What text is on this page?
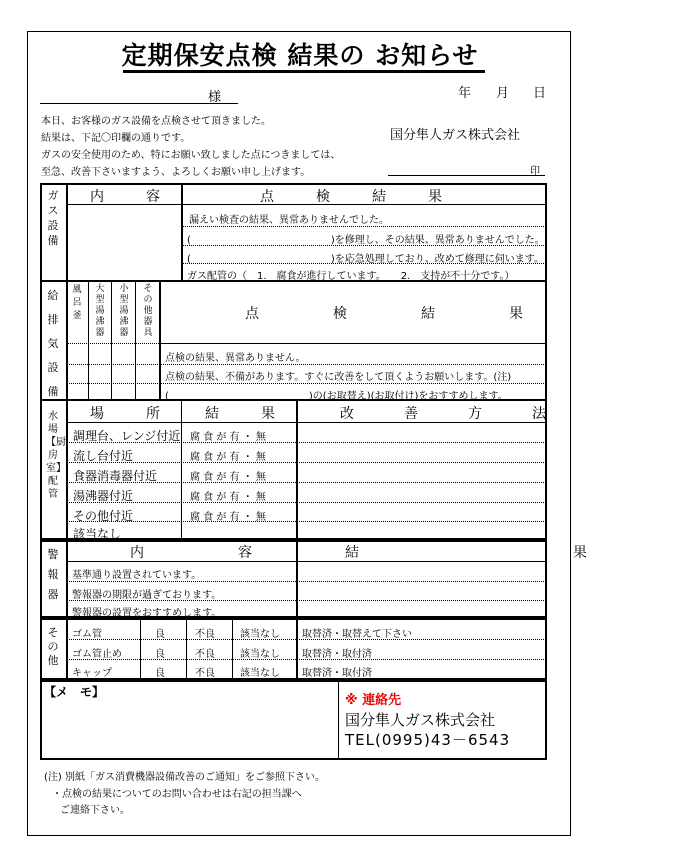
定期保安点検 結果の お知らせ
様	年 月 日
本日、お客様のガス設備を点検させて頂きました。
結果は、下記〇印欄の通りです。
ガスの安全使用のため、特にお願い致しました点につきましては、
至急、改善下さいますよう、よろしくお願い申し上げます。
国分隼人ガス株式会社
印
ガス設備
内　容	点　検　結　果
漏えい検査の結果、異常ありませんでした。
(　　　　　　　　　　　　　　)を修理し、その結果、異常ありませんでした。
(　　　　　　　　　　　　　　)を応急処理しており、改めて修理に伺います。
ガス配管の（　1.　腐食が進行しています。　　2.　支持が不十分です。）
給排気設備
風呂釜
大型湯沸器
小型湯沸器
その他器具
点　検　結　果
点検の結果、異常ありません。
点検の結果、不備があります。すぐに改善をして頂くようお願いします。(注)
(　　　　　　　　　　　　　　)の(お取替え)(お取付け)をおすすめします。
水場【厨房室】配管
場　所 結　果	改　善　方　法
調理台、レンジ付近 腐 食 が 有 ・ 無
流し台付近	腐 食 が 有 ・ 無
食器消毒器付近	腐 食 が 有 ・ 無
湯沸器付近	腐 食 が 有 ・ 無
その他付近	腐 食 が 有 ・ 無
該当なし
警報器
内　容	結　果
基準通り設置されています。
警報器の期限が過ぎております。
警報器の設置をおすすめします。
その他
ゴム管	良	不良	該当なし 取替済・取替えて下さい
ゴム管止め	良	不良	該当なし 取替済・取付済
キャップ	良	不良	該当なし 取替済・取付済
【メ　モ】
※ 連絡先
国分隼人ガス株式会社
TEL(0995)43－6543
(注) 別紙「ガス消費機器設備改善のご通知」をご参照下さい。
・点検の結果についてのお問い合わせは右記の担当課へ
ご連絡下さい。
